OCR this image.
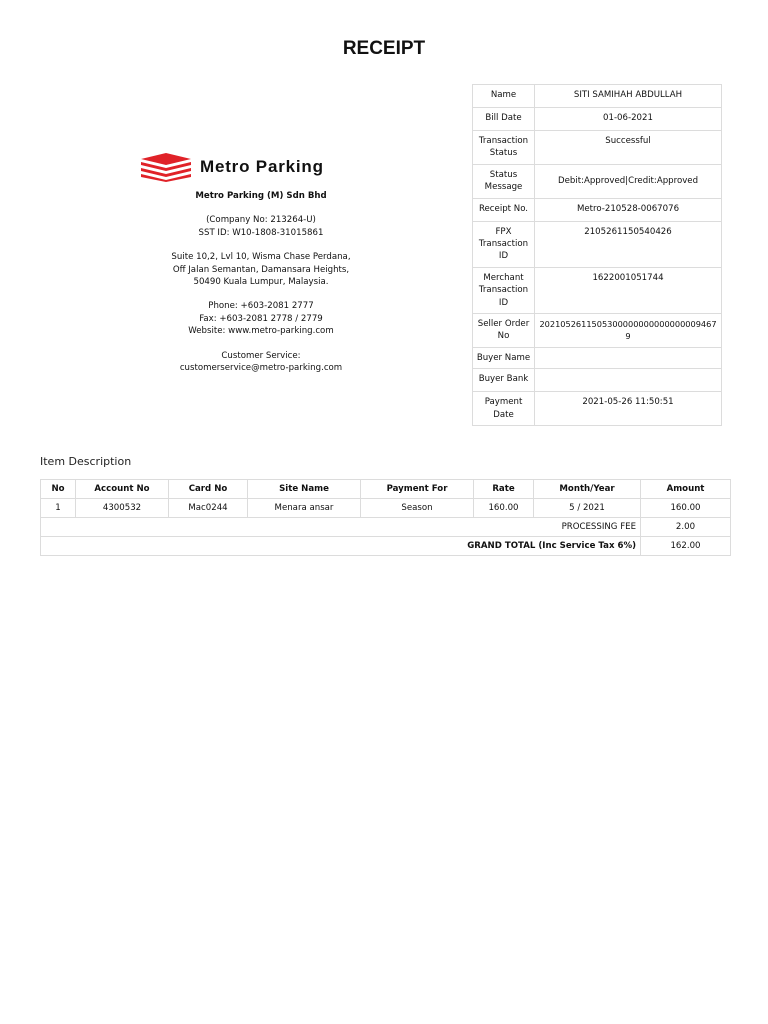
RECEIPT
Metro Parking
Metro Parking (M) Sdn Bhd
(Company No: 213264-U)
SST ID: W10-1808-31015861
Suite 10,2, Lvl 10, Wisma Chase Perdana,
Off Jalan Semantan, Damansara Heights,
50490 Kuala Lumpur, Malaysia.
Phone: +603-2081 2777
Fax: +603-2081 2778 / 2779
Website: www.metro-parking.com
Customer Service:
customerservice@metro-parking.com
Name	SITI SAMIHAH ABDULLAH
Bill Date	01-06-2021
Transaction Status	Successful
Status Message	Debit:Approved|Credit:Approved
Receipt No.	Metro-210528-0067076
FPX Transaction ID	2105261150540426
Merchant Transaction ID	1622001051744
Seller Order No	20210526115053000000000000000094679
Buyer Name	
Buyer Bank	
Payment Date	2021-05-26 11:50:51
Item Description
No	Account No	Card No	Site Name	Payment For	Rate	Month/Year	Amount
1	4300532	Mac0244	Menara ansar	Season	160.00	5 / 2021	160.00
PROCESSING FEE							2.00
GRAND TOTAL (Inc Service Tax 6%)							162.00
